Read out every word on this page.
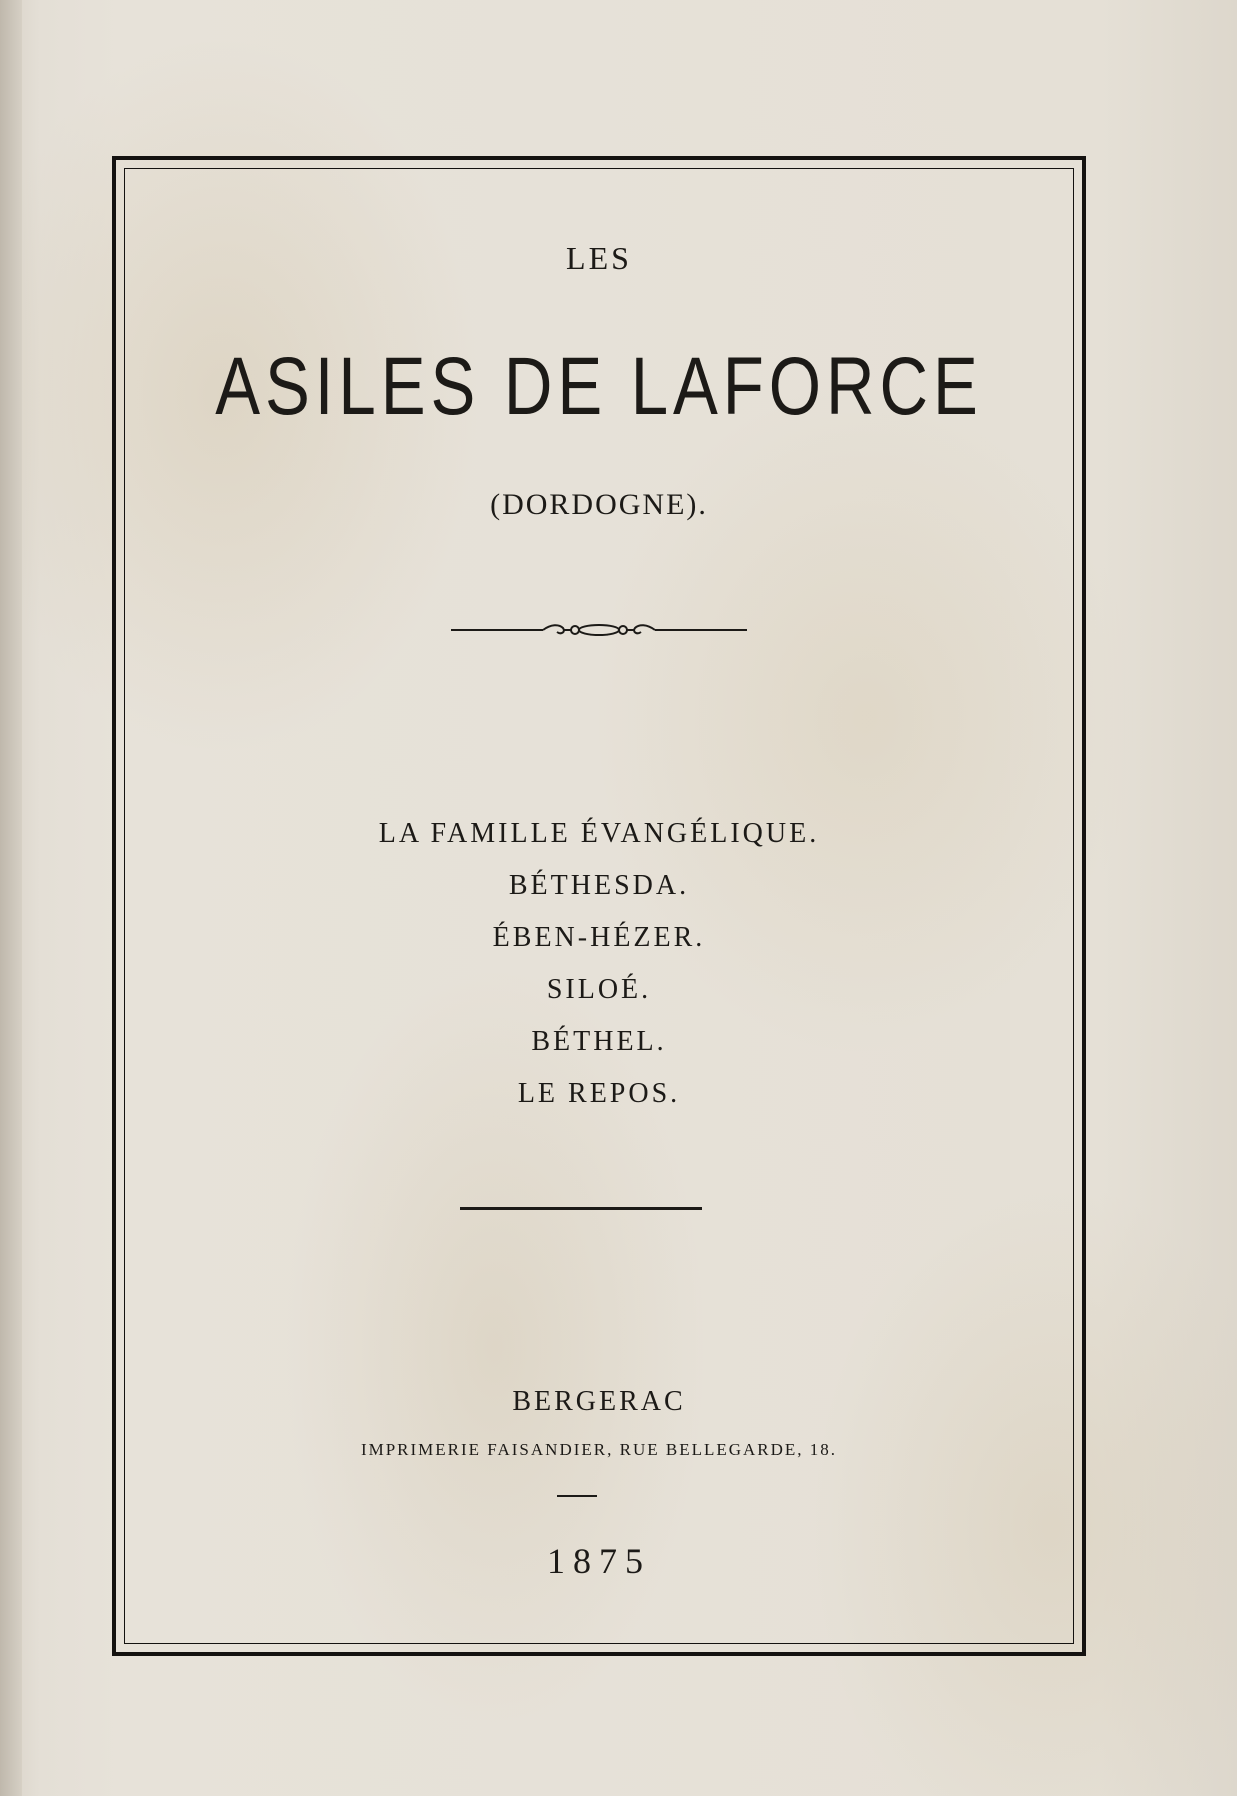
LES
ASILES DE LAFORCE
(DORDOGNE).
LA FAMILLE ÉVANGÉLIQUE.
BÉTHESDA.
ÉBEN-HÉZER.
SILOÉ.
BÉTHEL.
LE REPOS.
BERGERAC
IMPRIMERIE FAISANDIER, RUE BELLEGARDE, 18.
1875
